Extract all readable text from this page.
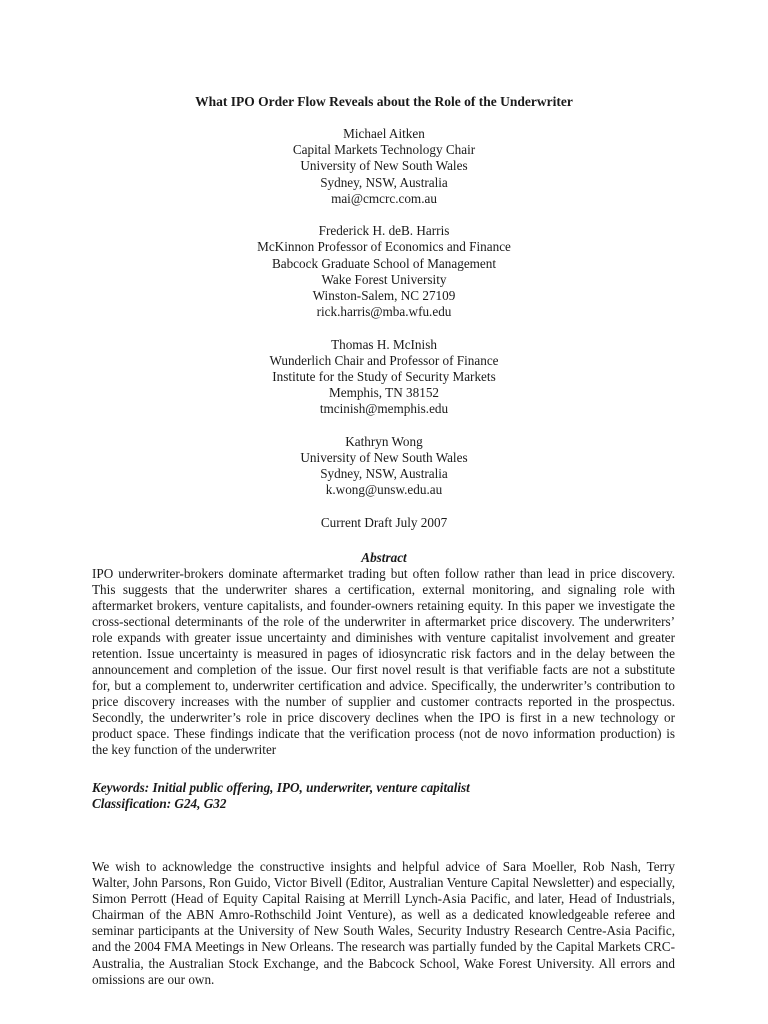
What IPO Order Flow Reveals about the Role of the Underwriter
Michael Aitken
Capital Markets Technology Chair
University of New South Wales
Sydney, NSW, Australia
mai@cmcrc.com.au
Frederick H. deB. Harris
McKinnon Professor of Economics and Finance
Babcock Graduate School of Management
Wake Forest University
Winston-Salem, NC 27109
rick.harris@mba.wfu.edu
Thomas H. McInish
Wunderlich Chair and Professor of Finance
Institute for the Study of Security Markets
Memphis, TN 38152
tmcinish@memphis.edu
Kathryn Wong
University of New South Wales
Sydney, NSW, Australia
k.wong@unsw.edu.au
Current Draft July 2007
Abstract
IPO underwriter-brokers dominate aftermarket trading but often follow rather than lead in price discovery. This suggests that the underwriter shares a certification, external monitoring, and signaling role with aftermarket brokers, venture capitalists, and founder-owners retaining equity. In this paper we investigate the cross-sectional determinants of the role of the underwriter in aftermarket price discovery. The underwriters’ role expands with greater issue uncertainty and diminishes with venture capitalist involvement and greater retention. Issue uncertainty is measured in pages of idiosyncratic risk factors and in the delay between the announcement and completion of the issue. Our first novel result is that verifiable facts are not a substitute for, but a complement to, underwriter certification and advice. Specifically, the underwriter’s contribution to price discovery increases with the number of supplier and customer contracts reported in the prospectus. Secondly, the underwriter’s role in price discovery declines when the IPO is first in a new technology or product space. These findings indicate that the verification process (not de novo information production) is the key function of the underwriter
Keywords: Initial public offering, IPO, underwriter, venture capitalist
Classification: G24, G32
We wish to acknowledge the constructive insights and helpful advice of Sara Moeller, Rob Nash, Terry Walter, John Parsons, Ron Guido, Victor Bivell (Editor, Australian Venture Capital Newsletter) and especially, Simon Perrott (Head of Equity Capital Raising at Merrill Lynch-Asia Pacific, and later, Head of Industrials, Chairman of the ABN Amro-Rothschild Joint Venture), as well as a dedicated knowledgeable referee and seminar participants at the University of New South Wales, Security Industry Research Centre-Asia Pacific, and the 2004 FMA Meetings in New Orleans. The research was partially funded by the Capital Markets CRC-Australia, the Australian Stock Exchange, and the Babcock School, Wake Forest University. All errors and omissions are our own.
